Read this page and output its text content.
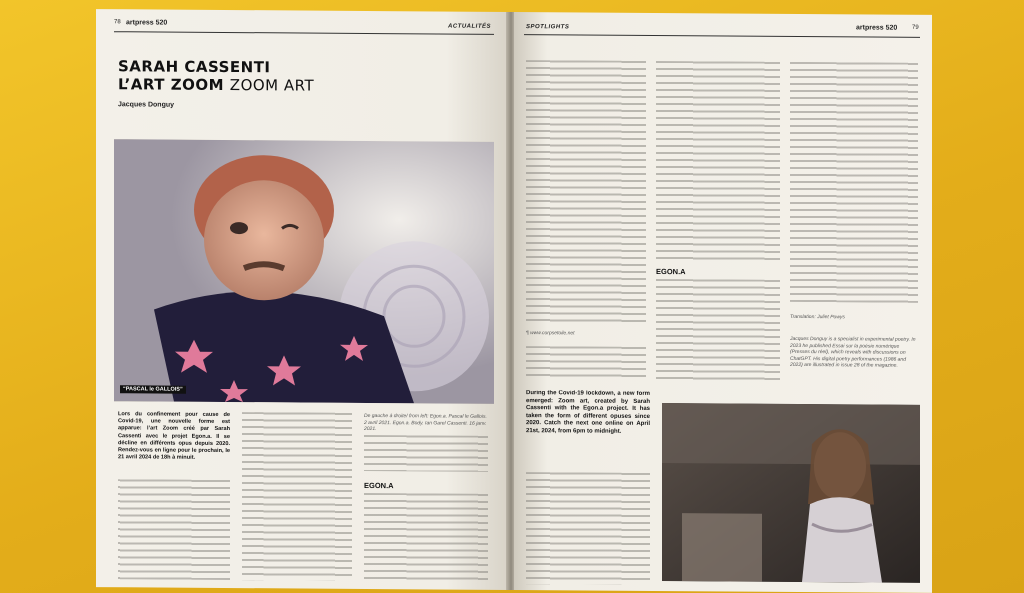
78 artpress 520
ACTUALITÉS
SARAH CASSENTI
L’ART ZOOM ZOOM ART
Jacques Donguy
“PASCAL le GALLOIS”
Lors du confinement pour cause de Covid-19, une nouvelle forme est apparue: l’art Zoom créé par Sarah Cassenti avec le projet Egon.a. Il se décline en différents opus depuis 2020. Rendez-vous en ligne pour le prochain, le 21 avril 2024 de 18h à minuit.
De gauche à droite/ from left: Egon.a. Pascal le Gallois. 2 avril 2021. Egon.a. Body. Ian Garel Cassenti. 16 janv. 2021.
EGON.A
SPOTLIGHTS	artpress 520 79
EGON.A
Translation: Juliet Powys
Jacques Donguy is a specialist in experimental poetry. In 2023 he published Essai sur la poésie numérique (Presses du réel), which reveals with discussions on ChatGPT. His digital poetry performances (1986 and 2022) are illustrated in issue 28 of the magazine.
¶ www.corpsetoile.net
During the Covid-19 lockdown, a new form emerged: Zoom art, created by Sarah Cassenti with the Egon.a project. It has taken the form of different opuses since 2020. Catch the next one online on April 21st, 2024, from 6pm to midnight.
